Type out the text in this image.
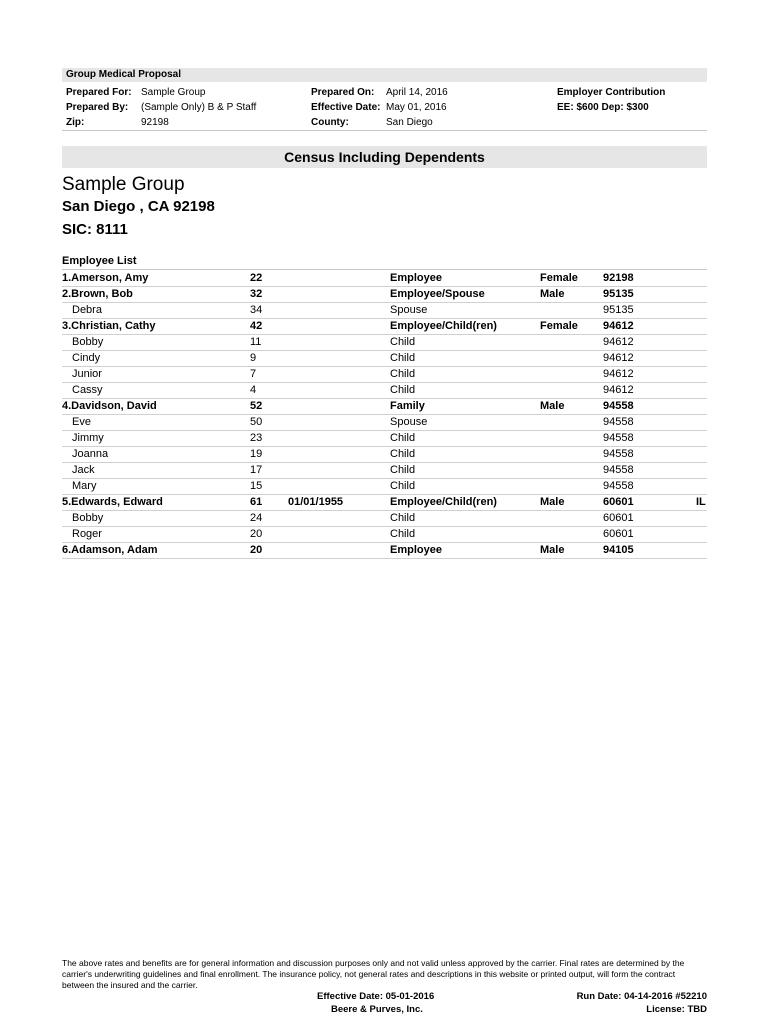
Group Medical Proposal
Prepared For: Sample Group
Prepared By: (Sample Only) B & P Staff
Zip:	92198
Prepared On: April 14, 2016
Effective Date: May 01, 2016
County:	San Diego
Employer Contribution
EE: $600 Dep: $300
Census Including Dependents
Sample Group
San Diego , CA 92198
SIC: 8111
Employee List
1.Amerson, Amy	22	Employee	Female 92198
2.Brown, Bob	32	Employee/Spouse	Male	95135
Debra	34	Spouse	95135
3.Christian, Cathy	42	Employee/Child(ren)	Female 94612
Bobby	11	Child	94612
Cindy	9	Child	94612
Junior	7	Child	94612
Cassy	4	Child	94612
4.Davidson, David	52	Family	Male	94558
Eve	50	Spouse	94558
Jimmy	23	Child	94558
Joanna	19	Child	94558
Jack	17	Child	94558
Mary	15	Child	94558
5.Edwards, Edward	61 01/01/1955	Employee/Child(ren)	Male	60601	IL
Bobby	24	Child	60601
Roger	20	Child	60601
6.Adamson, Adam	20	Employee	Male	94105
The above rates and benefits are for general information and discussion purposes only and not valid unless approved by the carrier. Final rates are determined by the carrier's underwriting guidelines and final enrollment. The insurance policy, not general rates and descriptions in this website or printed output, will form the contract between the insured and the carrier.
Effective Date: 05-01-2016
Beere & Purves, Inc.
Run Date: 04-14-2016 #52210
License: TBD
